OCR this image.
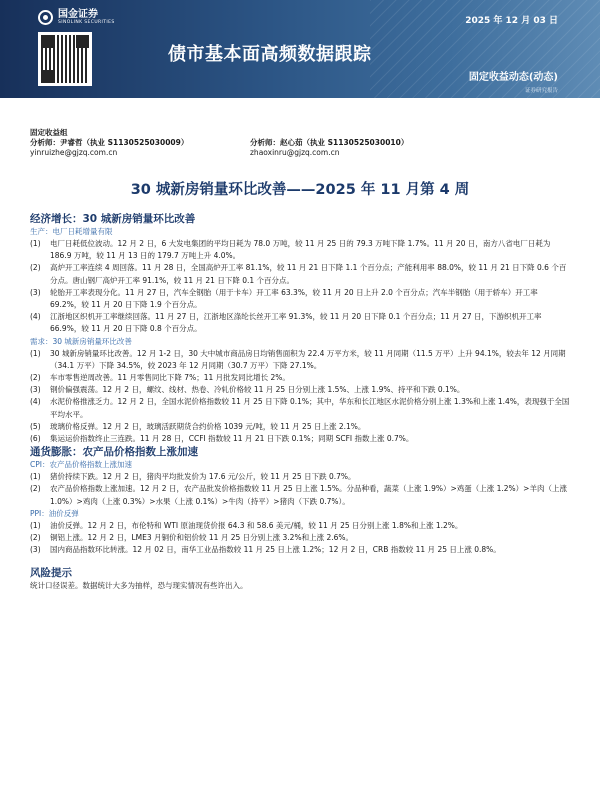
国金证券
SINOLINK SECURITIES	2025 年 12 月 03 日
债市基本面高频数据跟踪
固定收益动态(动态)
证券研究报告
固定收益组
分析师：尹睿哲（执业 S1130525030009）	分析师：赵心茹（执业 S1130525030010）
yinruizhe@gjzq.com.cn	zhaoxinru@gjzq.com.cn
30 城新房销量环比改善——2025 年 11 月第 4 周
经济增长：30 城新房销量环比改善
生产：电厂日耗增量有限
(1)	电厂日耗低位波动。12 月 2 日，6 大发电集团的平均日耗为 78.0 万吨，较 11 月 25 日的 79.3 万吨下降 1.7%。11 月 20 日，南方八省电厂日耗为 186.9 万吨，较 11 月 13 日的 179.7 万吨上升 4.0%。
(2)	高炉开工率连续 4 周回落。11 月 28 日，全国高炉开工率 81.1%，较 11 月 21 日下降 1.1 个百分点；产能利用率 88.0%，较 11 月 21 日下降 0.6 个百分点。唐山钢厂高炉开工率 91.1%，较 11 月 21 日下降 0.1 个百分点。
(3)	轮胎开工率表现分化。11 月 27 日，汽车全钢胎（用于卡车）开工率 63.3%，较 11 月 20 日上升 2.0 个百分点；汽车半钢胎（用于轿车）开工率 69.2%，较 11 月 20 日下降 1.9 个百分点。
(4)	江浙地区织机开工率继续回落。11 月 27 日，江浙地区涤纶长丝开工率 91.3%，较 11 月 20 日下降 0.1 个百分点；11 月 27 日，下游织机开工率 66.9%，较 11 月 20 日下降 0.8 个百分点。
需求：30 城新房销量环比改善
(1)	30 城新房销量环比改善。12 月 1-2 日，30 大中城市商品房日均销售面积为 22.4 万平方米，较 11 月同期（11.5 万平）上升 94.1%，较去年 12 月同期（34.1 万平）下降 34.5%，较 2023 年 12 月同期（30.7 万平）下降 27.1%。
(2)	车市零售逆周改善。11 月零售同比下降 7%；11 月批发同比增长 2%。
(3)	钢价偏强震荡。12 月 2 日，螺纹、线材、热卷、冷轧价格较 11 月 25 日分别上涨 1.5%、上涨 1.9%、持平和下跌 0.1%。
(4)	水泥价格推涨乏力。12 月 2 日，全国水泥价格指数较 11 月 25 日下降 0.1%；其中，华东和长江地区水泥价格分别上涨 1.3%和上涨 1.4%，表现强于全国平均水平。
(5)	玻璃价格反弹。12 月 2 日，玻璃活跃期货合约价格 1039 元/吨，较 11 月 25 日上涨 2.1%。
(6)	集运运价指数终止三连跌。11 月 28 日，CCFI 指数较 11 月 21 日下跌 0.1%；同期 SCFI 指数上涨 0.7%。
通货膨胀：农产品价格指数上涨加速
CPI：农产品价格指数上涨加速
(1)	猪价持续下跌。12 月 2 日，猪肉平均批发价为 17.6 元/公斤，较 11 月 25 日下跌 0.7%。
(2)	农产品价格指数上涨加速。12 月 2 日，农产品批发价格指数较 11 月 25 日上涨 1.5%。分品种看，蔬菜（上涨 1.9%）>鸡蛋（上涨 1.2%）>羊肉（上涨 1.0%）>鸡肉（上涨 0.3%）>水果（上涨 0.1%）>牛肉（持平）>猪肉（下跌 0.7%）。
PPI：油价反弹
(1)	油价反弹。12 月 2 日，布伦特和 WTI 原油现货价报 64.3 和 58.6 美元/桶，较 11 月 25 日分别上涨 1.8%和上涨 1.2%。
(2)	铜铝上涨。12 月 2 日，LME3 月铜价和铝价较 11 月 25 日分别上涨 3.2%和上涨 2.6%。
(3)	国内商品指数环比转涨。12 月 02 日，南华工业品指数较 11 月 25 日上涨 1.2%；12 月 2 日，CRB 指数较 11 月 25 日上涨 0.8%。
风险提示
统计口径误差。数据统计大多为抽样，恐与现实情况有些许出入。
